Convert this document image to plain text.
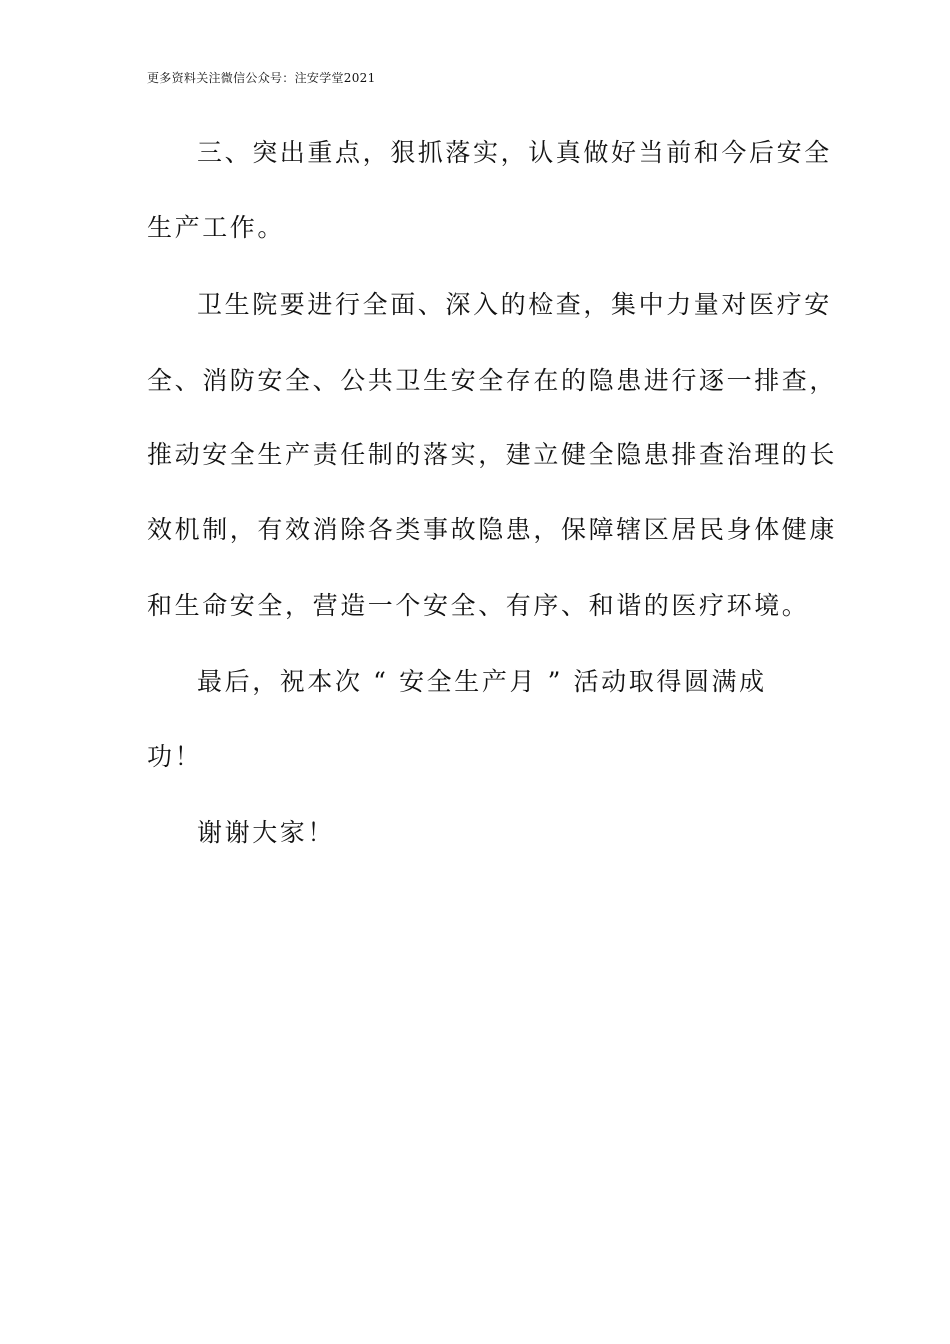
更多资料关注微信公众号：注安学堂2021
三、突出重点，狠抓落实，认真做好当前和今后安全
生产工作。
卫生院要进行全面、深入的检查，集中力量对医疗安
全、消防安全、公共卫生安全存在的隐患进行逐一排查，
推动安全生产责任制的落实，建立健全隐患排查治理的长
效机制，有效消除各类事故隐患，保障辖区居民身体健康
和生命安全，营造一个安全、有序、和谐的医疗环境。
最后，祝本次 “ 安全生产月 ” 活动取得圆满成
功！
谢谢大家！
